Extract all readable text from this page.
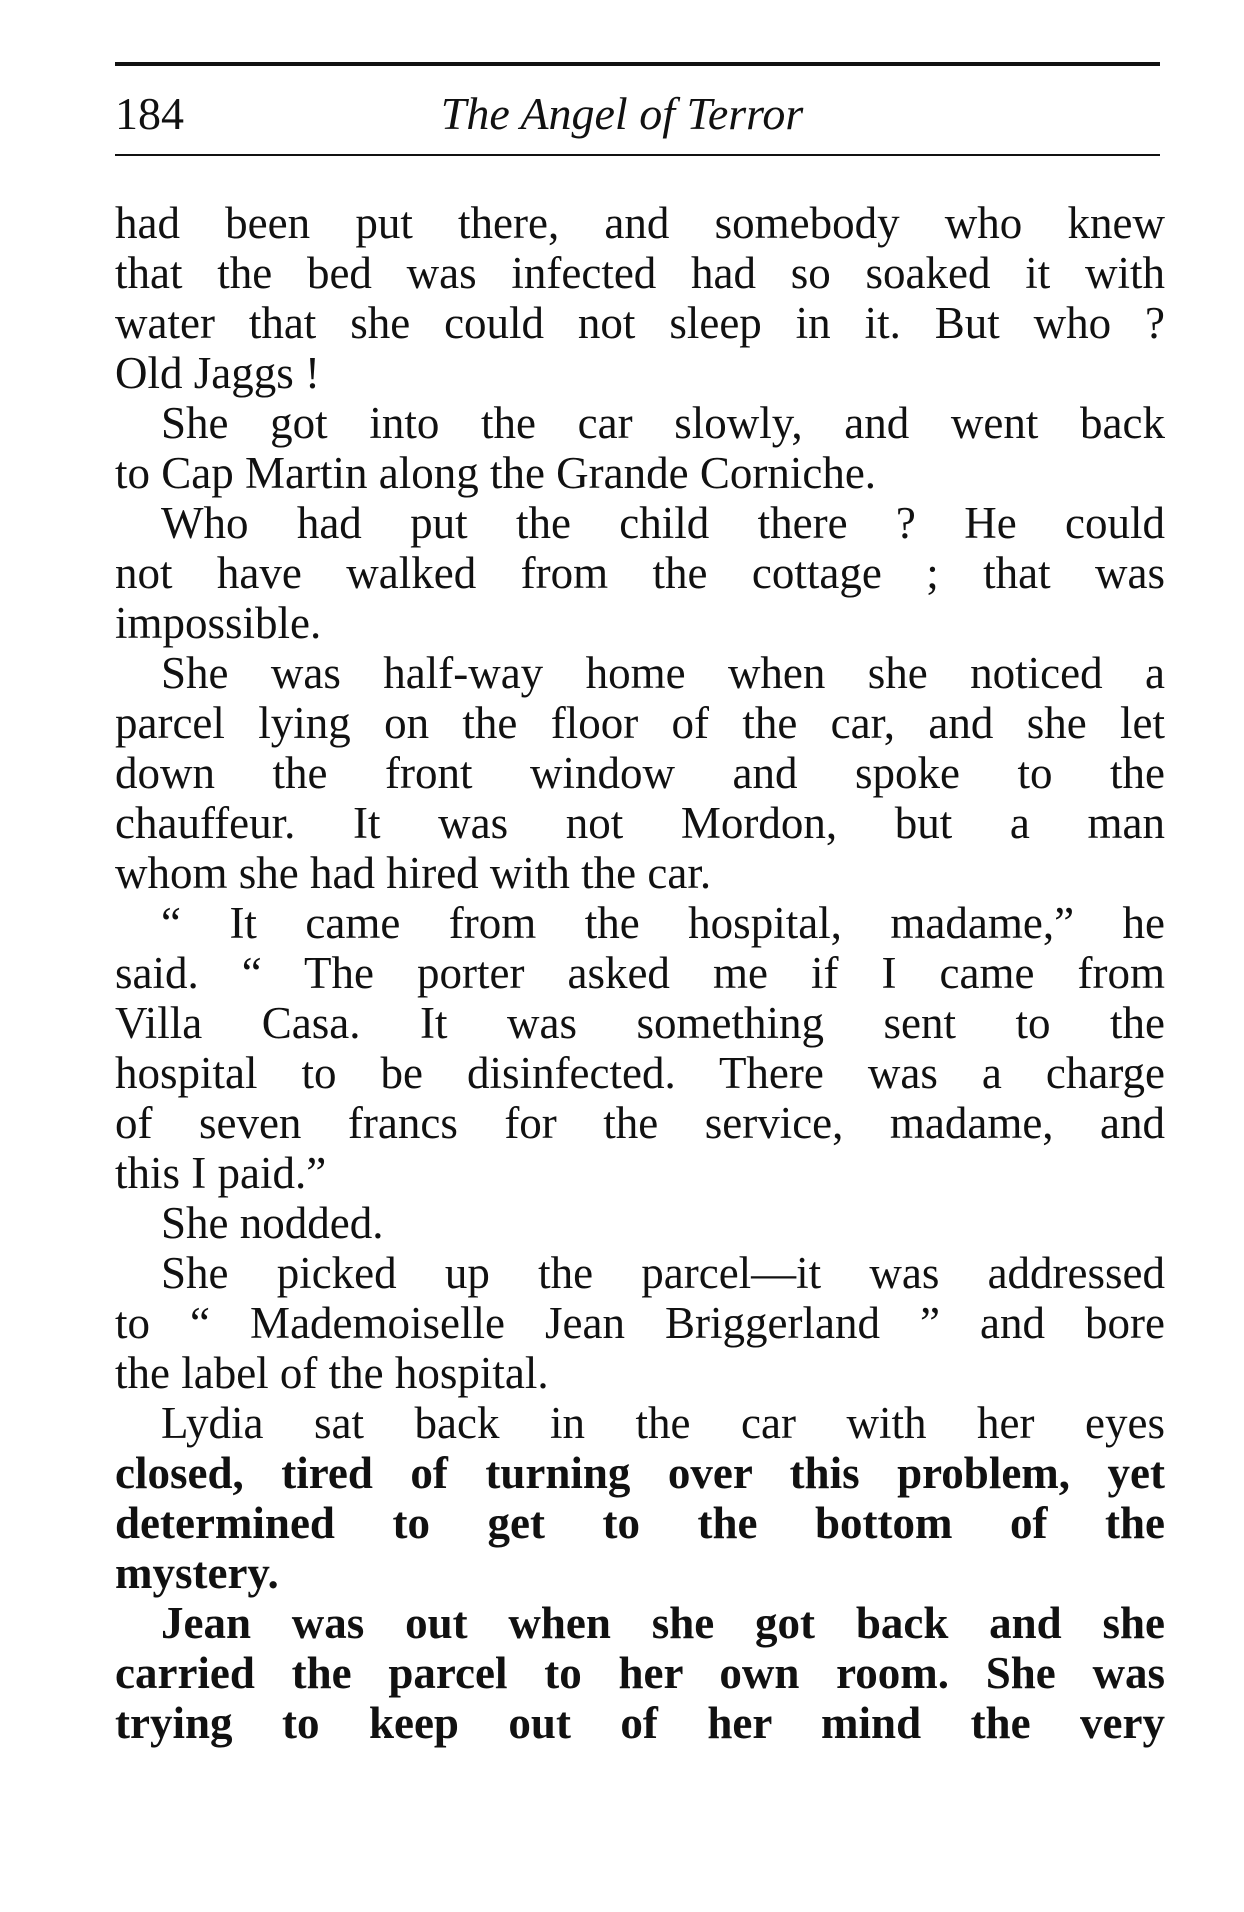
184	The Angel of Terror
had been put there, and somebody who knew
that the bed was infected had so soaked it with
water that she could not sleep in it. But who ?
Old Jaggs !
She got into the car slowly, and went back
to Cap Martin along the Grande Corniche.
Who had put the child there ? He could
not have walked from the cottage ; that was
impossible.
She was half-way home when she noticed a
parcel lying on the floor of the car, and she let
down the front window and spoke to the
chauffeur. It was not Mordon, but a man
whom she had hired with the car.
“ It came from the hospital, madame,” he
said. “ The porter asked me if I came from
Villa Casa. It was something sent to the
hospital to be disinfected. There was a charge
of seven francs for the service, madame, and
this I paid.”
She nodded.
She picked up the parcel—it was addressed
to “ Mademoiselle Jean Briggerland ” and bore
the label of the hospital.
Lydia sat back in the car with her eyes
closed, tired of turning over this problem, yet
determined to get to the bottom of the
mystery.
Jean was out when she got back and she
carried the parcel to her own room. She was
trying to keep out of her mind the very
